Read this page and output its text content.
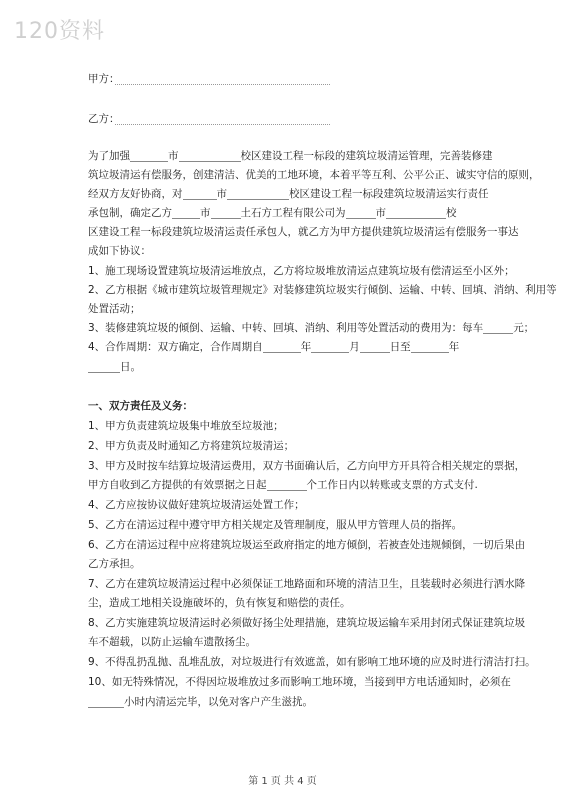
120资料
甲方：
乙方：
为了加强	市	校区建设工程一标段的建筑垃圾清运管理，完善装修建
筑垃圾清运有偿服务，创建清洁、优美的工地环境，本着平等互利、公平公正、诚实守信的原则，
经双方友好协商，对	市	校区建设工程一标段建筑垃圾清运实行责任
承包制，确定乙方	市	土石方工程有限公司为	市	校
区建设工程一标段建筑垃圾清运责任承包人，就乙方为甲方提供建筑垃圾清运有偿服务一事达
成如下协议：
1、施工现场设置建筑垃圾清运堆放点，乙方将垃圾堆放清运点建筑垃圾有偿清运至小区外；
2、乙方根据《城市建筑垃圾管理规定》对装修建筑垃圾实行倾倒、运输、中转、回填、消纳、利用等
处置活动；
3、装修建筑垃圾的倾倒、运输、中转、回填、消纳、利用等处置活动的费用为：每车	元；
4、合作周期：双方确定，合作周期自	年	月	日至	年
日。
一、双方责任及义务：
1、甲方负责建筑垃圾集中堆放至垃圾池；
2、甲方负责及时通知乙方将建筑垃圾清运；
3、甲方及时按车结算垃圾清运费用，双方书面确认后，乙方向甲方开具符合相关规定的票据，
甲方自收到乙方提供的有效票据之日起	个工作日内以转账或支票的方式支付.
4、乙方应按协议做好建筑垃圾清运处置工作；
5、乙方在清运过程中遵守甲方相关规定及管理制度，服从甲方管理人员的指挥。
6、乙方在清运过程中应将建筑垃圾运至政府指定的地方倾倒，若被查处违规倾倒，一切后果由
乙方承担。
7、乙方在建筑垃圾清运过程中必须保证工地路面和环境的清洁卫生，且装载时必须进行洒水降
尘，造成工地相关设施破坏的，负有恢复和赔偿的责任。
8、乙方实施建筑垃圾清运时必须做好扬尘处理措施，建筑垃圾运输车采用封闭式保证建筑垃圾
车不超载，以防止运输车遗散扬尘。
9、不得乱扔乱抛、乱堆乱放，对垃圾进行有效遮盖，如有影响工地环境的应及时进行清洁打扫。
10、如无特殊情况，不得因垃圾堆放过多而影响工地环境，当接到甲方电话通知时，必须在
小时内清运完毕，以免对客户产生滋扰。
第 1 页 共 4 页
